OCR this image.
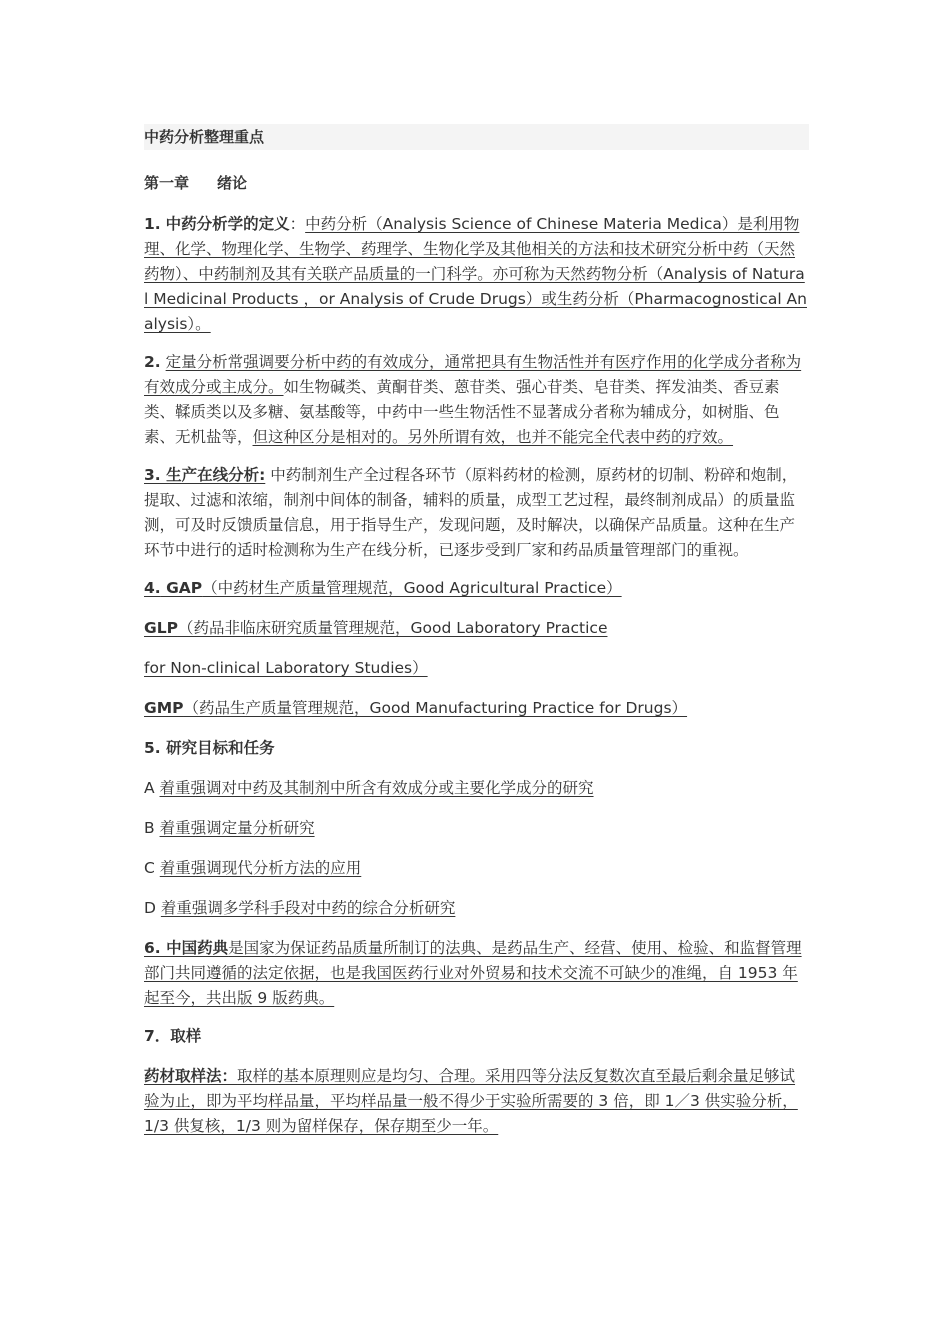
中药分析整理重点
第一章 绪论

1. 中药分析学的定义：中药分析（Analysis Science of Chinese Materia Medica）是利用物理、化学、物理化学、生物学、药理学、生物化学及其他相关的方法和技术研究分析中药（天然药物）、中药制剂及其有关联产品质量的一门科学。亦可称为天然药物分析（Analysis of Natural Medicinal Products ，or Analysis of Crude Drugs）或生药分析（Pharmacognostical Analysis）。

2. 定量分析常强调要分析中药的有效成分，通常把具有生物活性并有医疗作用的化学成分者称为有效成分或主成分。如生物碱类、黄酮苷类、蒽苷类、强心苷类、皂苷类、挥发油类、香豆素类、鞣质类以及多糖、氨基酸等，中药中一些生物活性不显著成分者称为辅成分，如树脂、色素、无机盐等，但这种区分是相对的。另外所谓有效，也并不能完全代表中药的疗效。

3. 生产在线分析: 中药制剂生产全过程各环节（原料药材的检测，原药材的切制、粉碎和炮制，提取、过滤和浓缩，制剂中间体的制备，辅料的质量，成型工艺过程，最终制剂成品）的质量监测，可及时反馈质量信息，用于指导生产，发现问题，及时解决，以确保产品质量。这种在生产环节中进行的适时检测称为生产在线分析，已逐步受到厂家和药品质量管理部门的重视。

4. GAP（中药材生产质量管理规范，Good Agricultural Practice）

GLP（药品非临床研究质量管理规范，Good Laboratory Practice

for Non-clinical Laboratory Studies）

GMP（药品生产质量管理规范，Good Manufacturing Practice for Drugs）

5. 研究目标和任务

A 着重强调对中药及其制剂中所含有效成分或主要化学成分的研究

B 着重强调定量分析研究

C 着重强调现代分析方法的应用

D 着重强调多学科手段对中药的综合分析研究

6. 中国药典是国家为保证药品质量所制订的法典、是药品生产、经营、使用、检验、和监督管理部门共同遵循的法定依据，也是我国医药行业对外贸易和技术交流不可缺少的准绳，自 1953 年起至今，共出版 9 版药典。

7．取样

药材取样法：取样的基本原理则应是均匀、合理。采用四等分法反复数次直至最后剩余量足够试验为止，即为平均样品量，平均样品量一般不得少于实验所需要的 3 倍，即 1／3 供实验分析，1/3 供复核，1/3 则为留样保存，保存期至少一年。
